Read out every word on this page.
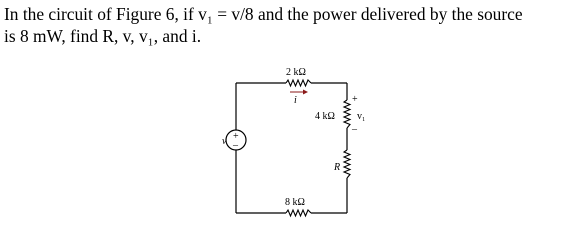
In the circuit of Figure 6, if v₁ = v/8 and the power delivered by the source
is 8 mW, find R, v, v₁, and i.

2 kΩ
i
4 kΩ
+
v₁
–
R
8 kΩ
+
–
v
